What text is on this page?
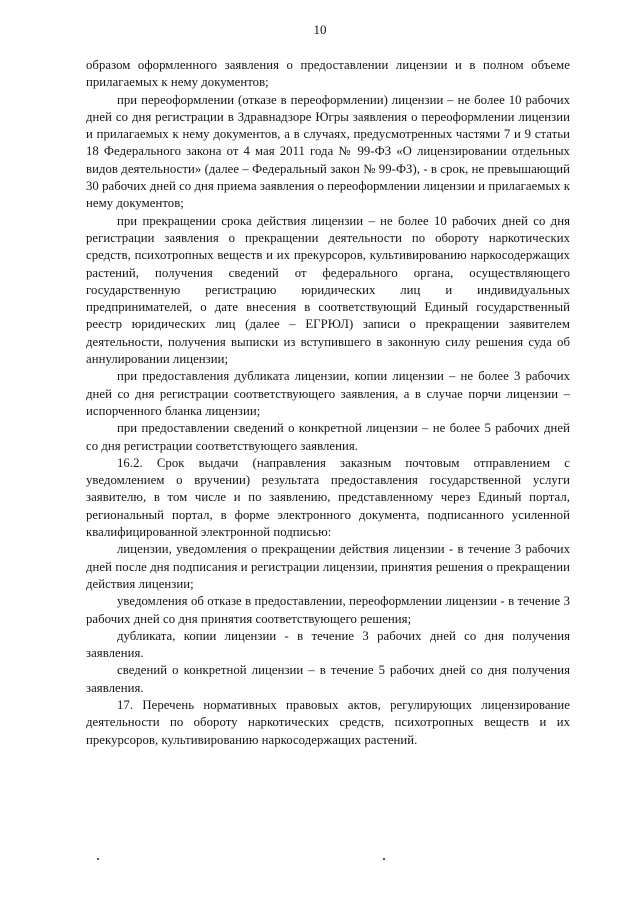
10

образом оформленного заявления о предоставлении лицензии и в полном объеме прилагаемых к нему документов;

при переоформлении (отказе в переоформлении) лицензии – не более 10 рабочих дней со дня регистрации в Здравнадзоре Югры заявления о переоформлении лицензии и прилагаемых к нему документов, а в случаях, предусмотренных частями 7 и 9 статьи 18 Федерального закона от 4 мая 2011 года № 99-ФЗ «О лицензировании отдельных видов деятельности» (далее – Федеральный закон № 99-ФЗ), - в срок, не превышающий 30 рабочих дней со дня приема заявления о переоформлении лицензии и прилагаемых к нему документов;

при прекращении срока действия лицензии – не более 10 рабочих дней со дня регистрации заявления о прекращении деятельности по обороту наркотических средств, психотропных веществ и их прекурсоров, культивированию наркосодержащих растений, получения сведений от федерального органа, осуществляющего государственную регистрацию юридических лиц и индивидуальных предпринимателей, о дате внесения в соответствующий Единый государственный реестр юридических лиц (далее – ЕГРЮЛ) записи о прекращении заявителем деятельности, получения выписки из вступившего в законную силу решения суда об аннулировании лицензии;

при предоставления дубликата лицензии, копии лицензии – не более 3 рабочих дней со дня регистрации соответствующего заявления, а в случае порчи лицензии – испорченного бланка лицензии;

при предоставлении сведений о конкретной лицензии – не более 5 рабочих дней со дня регистрации соответствующего заявления.

16.2. Срок выдачи (направления заказным почтовым отправлением с уведомлением о вручении) результата предоставления государственной услуги заявителю, в том числе и по заявлению, представленному через Единый портал, региональный портал, в форме электронного документа, подписанного усиленной квалифицированной электронной подписью:

лицензии, уведомления о прекращении действия лицензии - в течение 3 рабочих дней после дня подписания и регистрации лицензии, принятия решения о прекращении действия лицензии;

уведомления об отказе в предоставлении, переоформлении лицензии - в течение 3 рабочих дней со дня принятия соответствующего решения;

дубликата, копии лицензии - в течение 3 рабочих дней со дня получения заявления.

сведений о конкретной лицензии – в течение 5 рабочих дней со дня получения заявления.

17. Перечень нормативных правовых актов, регулирующих лицензирование деятельности по обороту наркотических средств, психотропных веществ и их прекурсоров, культивированию наркосодержащих растений.
